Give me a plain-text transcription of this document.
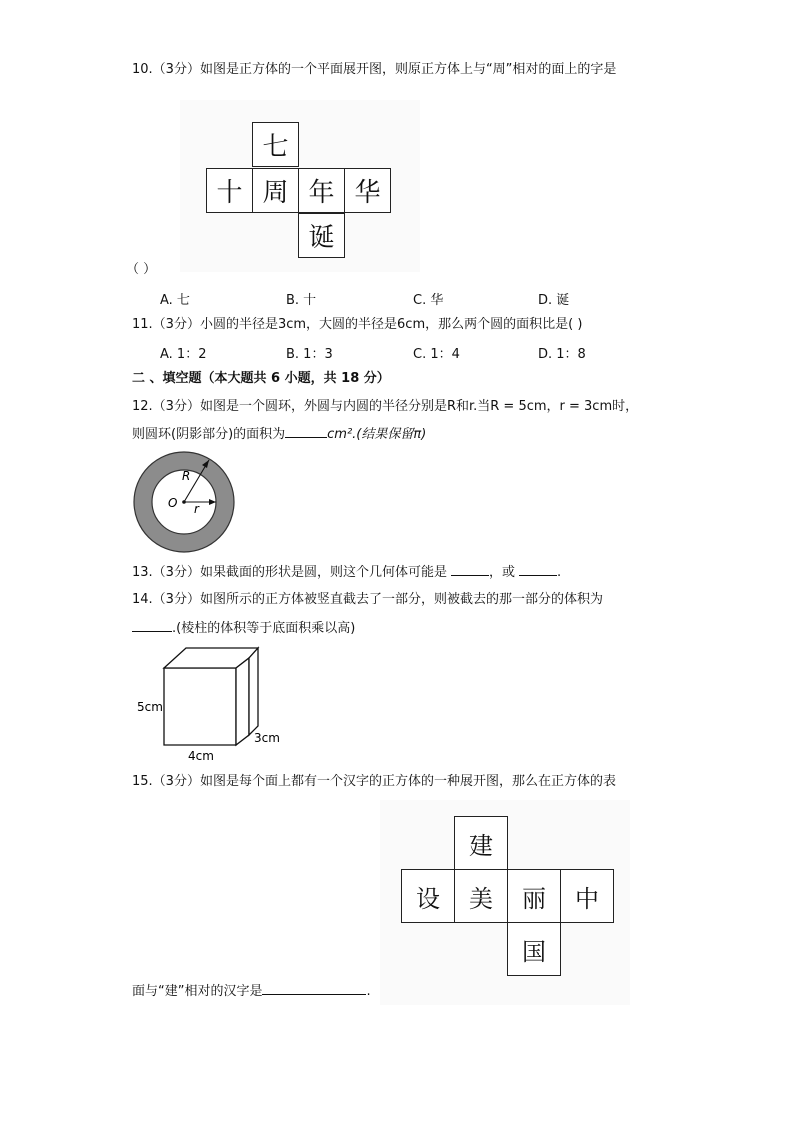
10.（3分）如图是正方体的一个平面展开图，则原正方体上与“周”相对的面上的字是
七
十 周 年 华
诞
（ ）
A. 七	B. 十	C. 华	D. 诞
11.（3分）小圆的半径是3cm，大圆的半径是6cm，那么两个圆的面积比是( )
A. 1：2	B. 1：3	C. 1：4	D. 1：8
二 、填空题（本大题共 6 小题，共 18 分）
12.（3分）如图是一个圆环，外圆与内圆的半径分别是R和r.当R = 5cm，r = 3cm时，
则圆环(阴影部分)的面积为	cm².(结果保留π)
R
O r
13.（3分）如果截面的形状是圆，则这个几何体可能是	，或	.
14.（3分）如图所示的正方体被竖直截去了一部分，则被截去的那一部分的体积为
.(棱柱的体积等于底面积乘以高)
5cm
4cm
3cm
15.（3分）如图是每个面上都有一个汉字的正方体的一种展开图，那么在正方体的表
建
设	美	丽	中
国
面与“建”相对的汉字是	.
